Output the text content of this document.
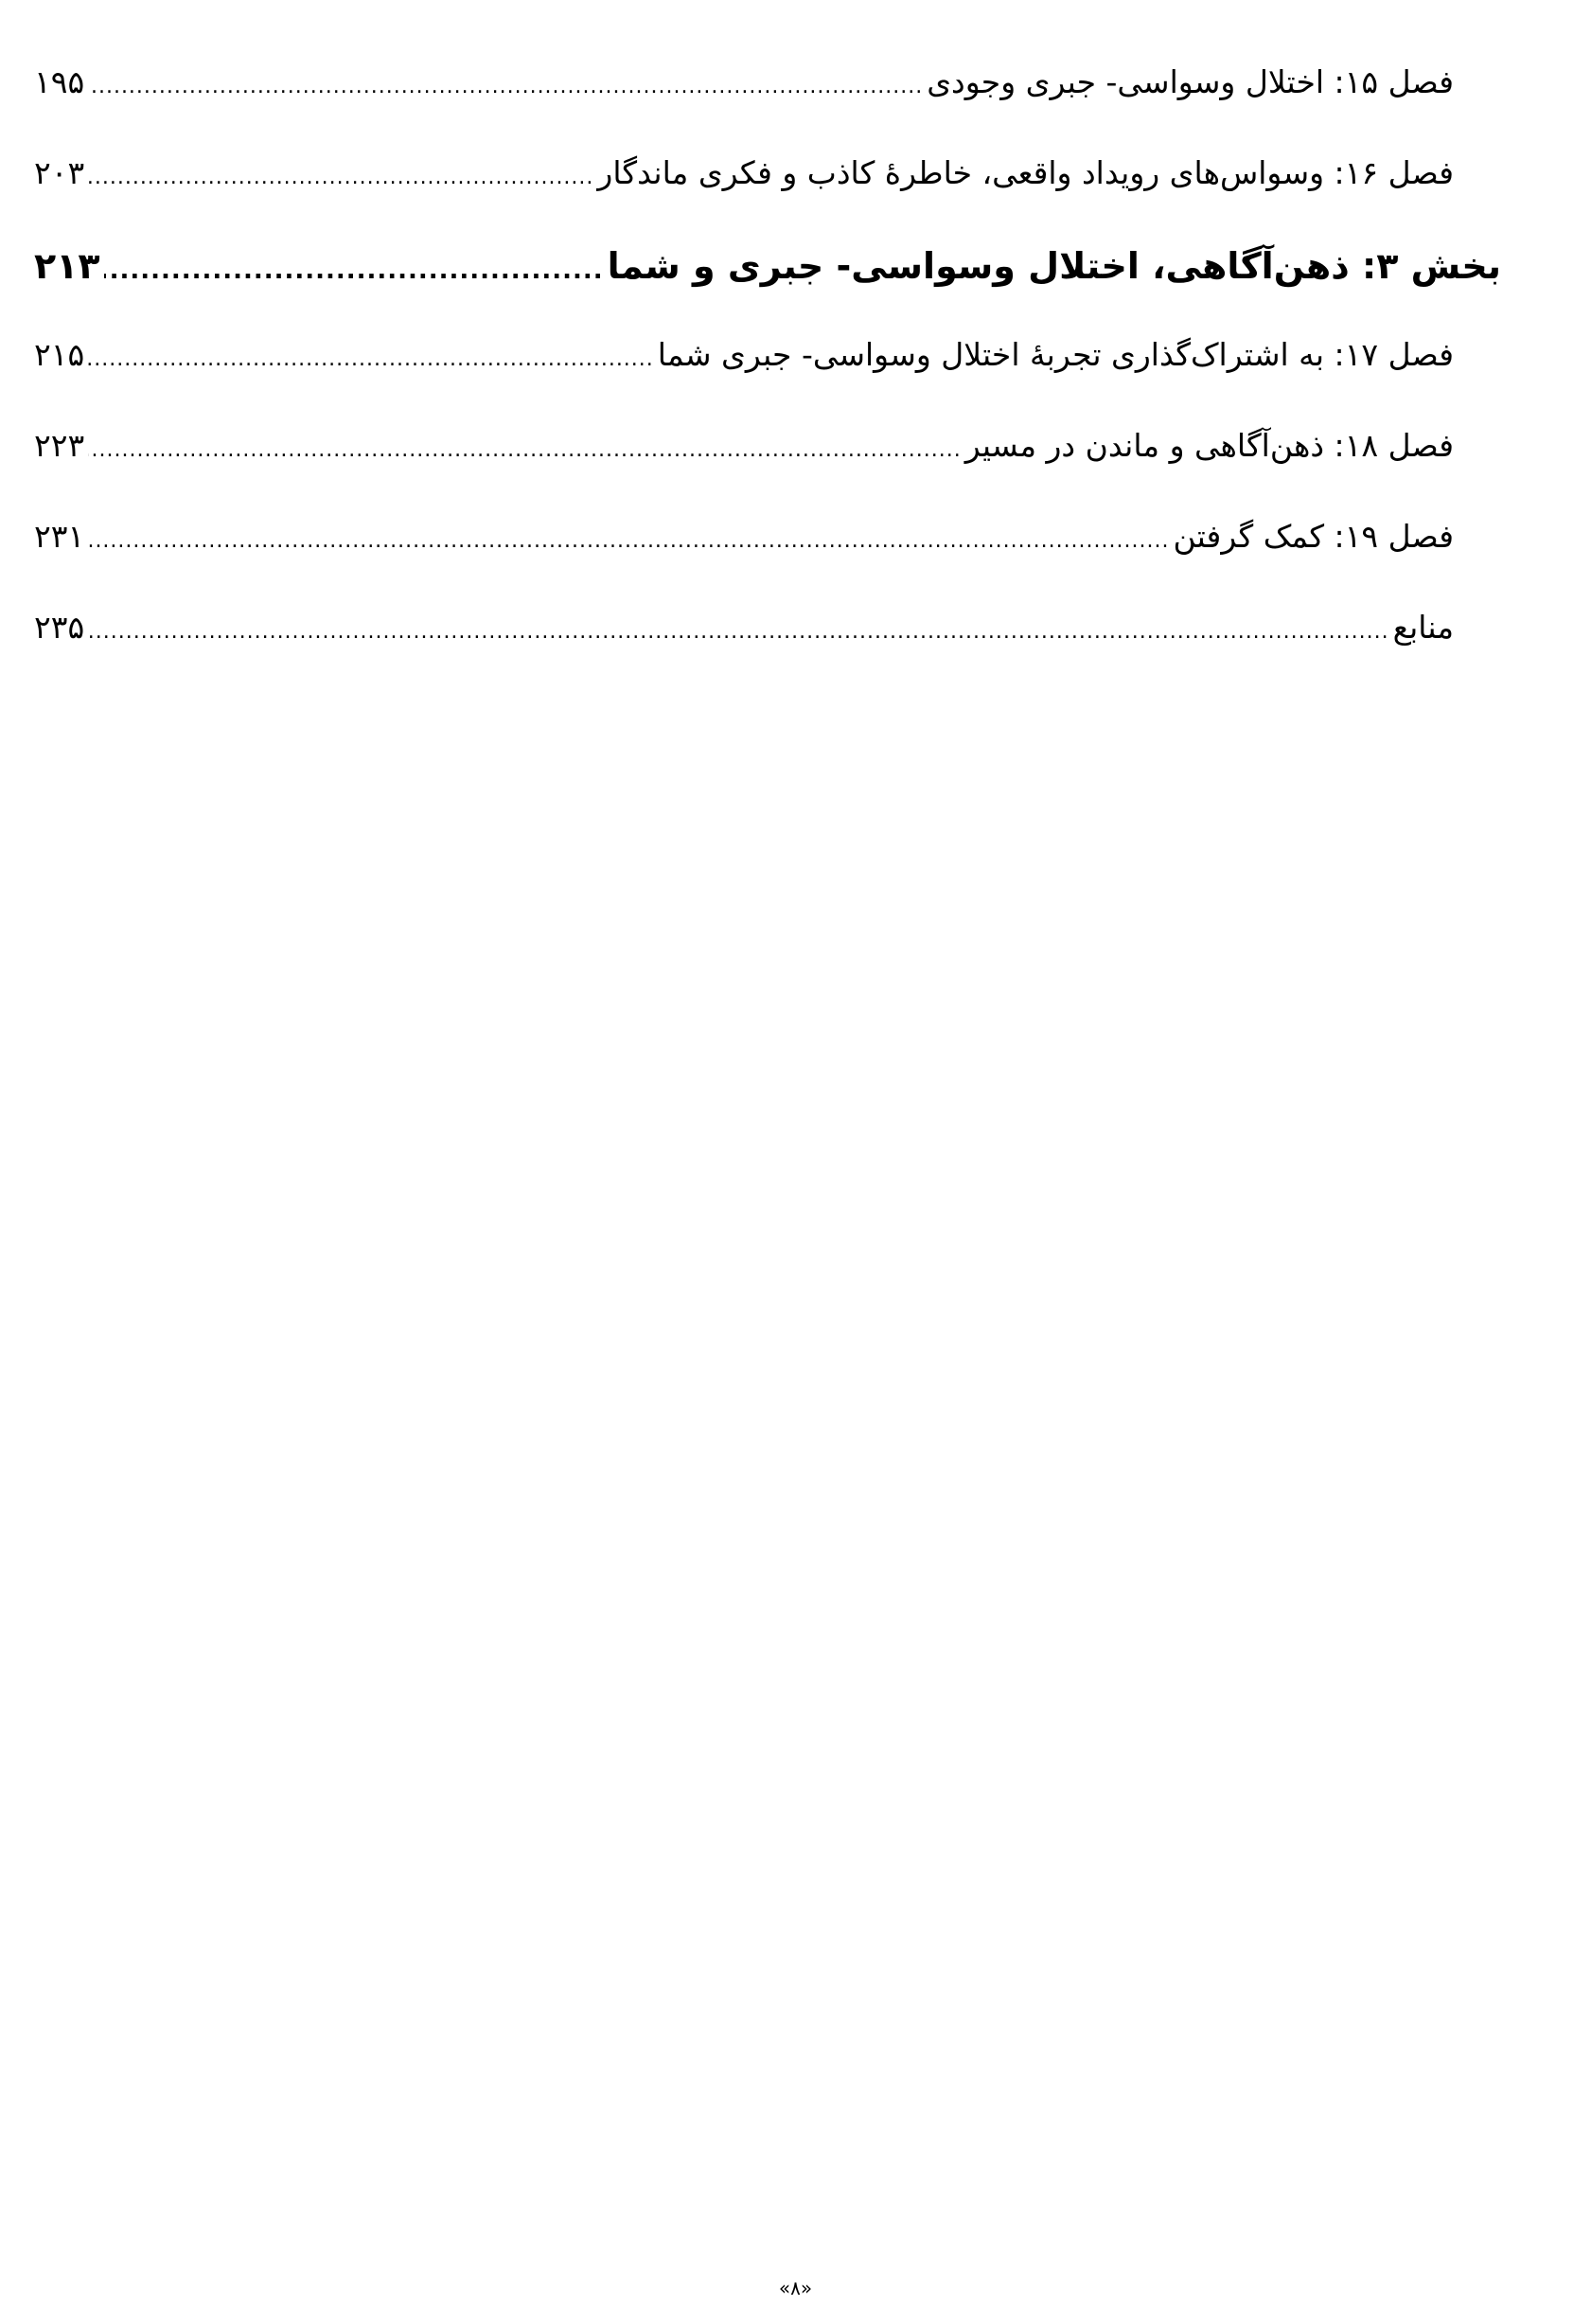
فصل ۱۵: اختلال وسواسی- جبری وجودی
.....
۱۹۵
فصل ۱۶: وسواس‌های رویداد واقعی، خاطرۀ کاذب و فکری ماندگار
.....
۲۰۳
بخش ۳: ذهن‌آگاهی، اختلال وسواسی- جبری و شما
.....
۲۱۳
فصل ۱۷: به اشتراک‌گذاری تجربۀ اختلال وسواسی- جبری شما
.....
۲۱۵
فصل ۱۸: ذهن‌آگاهی و ماندن در مسیر
.....
۲۲۳
فصل ۱۹: کمک گرفتن
.....
۲۳۱
منابع
.....
۲۳۵
«۸»
